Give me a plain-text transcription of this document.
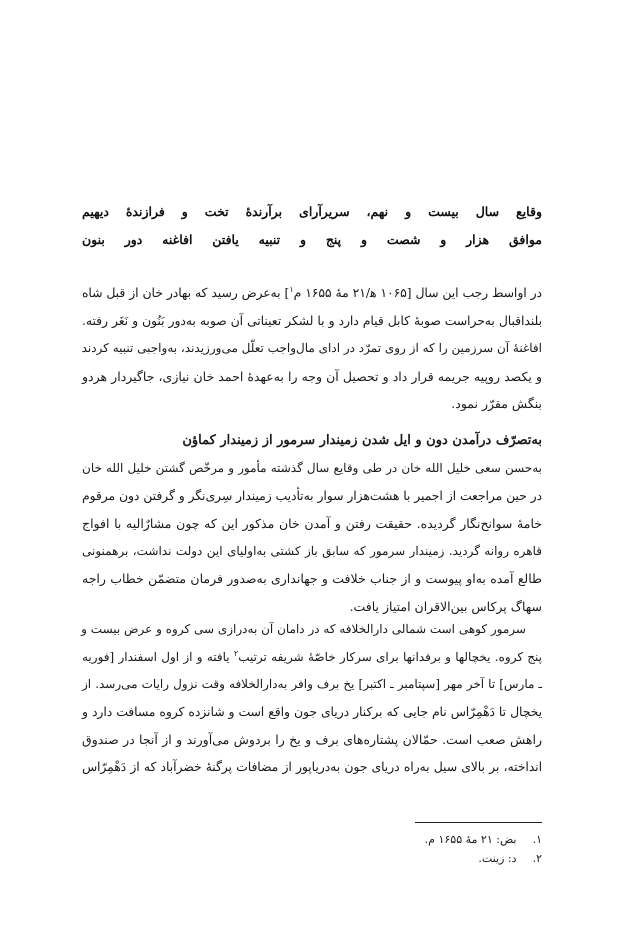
وقایع سال بیست و نهم، سریرآرای برآرندهٔ تخت و فرازندهٔ دیهیم
موافق هزار و شصت و پنج و تنبیه یافتن افاغنه دور بنون
در اواسط رجب این سال [۱۰۶۵ ه‍/۲۱ مهٔ ۱۶۵۵ م$^۱$] به‌عرض رسید که بهادر خان از قبل شاه
بلنداقبال به‌حراست صوبهٔ کابل قیام دارد و با لشکر تعیناتی آن صوبه به‌دور بَنُون و نَغَر رفته.
افاغنهٔ آن سرزمین را که از روی تمرّد در ادای مال‌واجب تعلّل می‌ورزیدند، به‌واجبی تنبیه کردند
و یکصد روپیه جریمه قرار داد و تحصیل آن وجه را به‌عهدهٔ احمد خان نیازی، جاگیردار هردو
بنگش مقرّر نمود.
به‌تصرّف درآمدن دون و ایل شدن زمیندار سرمور از زمیندار کماؤن
به‌حسن سعی خلیل الله خان در طی وقایع سال گذشته مأمور و مرخّص گشتن خلیل الله خان
در حین مراجعت از اجمیر با هشت‌هزار سوار به‌تأدیب زمیندار سِری‌نگر و گرفتن دون مرقوم
خامهٔ سوانح‌نگار گردیده. حقیقت رفتن و آمدن خان مذکور این که چون مشارٌالیه با افواج
قاهره روانه گردید. زمیندار سرمور که سابق باز کشتی به‌اولیای این دولت نداشت، برهمنونی
طالع آمده به‌او پیوست و از جناب خلافت و جهانداری به‌صدور فرمان متضمّن خطاب راجه
سهاگ پرکاس بین‌الاقران امتیاز یافت.
سرمور کوهی است شمالی دارالخلافه که در دامان آن به‌درازی سی کروه و عرض بیست و
پنج کروه. یخچالها و برفدانها برای سرکار خاصّهٔ شریفه ترتیب$^۲$ یافته و از اول اسفندار [فوریه
ـ مارس] تا آخر مهر [سپتامبر ـ اکتبر] یخ برف وافر به‌دارالخلافه وقت نزول رایات می‌رسد. از
یخچال تا دَهْمِرّاس نام جایی که برکنار دریای جون واقع است و شانزده کروه مسافت دارد و
راهش صعب است. حمّالان پشتاره‌های برف و یخ را بردوش می‌آورند و از آنجا در صندوق
انداخته، بر بالای سیل به‌راه دریای جون به‌دریاپور از مضافات پرگنهٔ خضرآباد که از دَهْمِرّاس
۱. بض: ۲۱ مهٔ ۱۶۵۵ م.
۲. د: زینت.
